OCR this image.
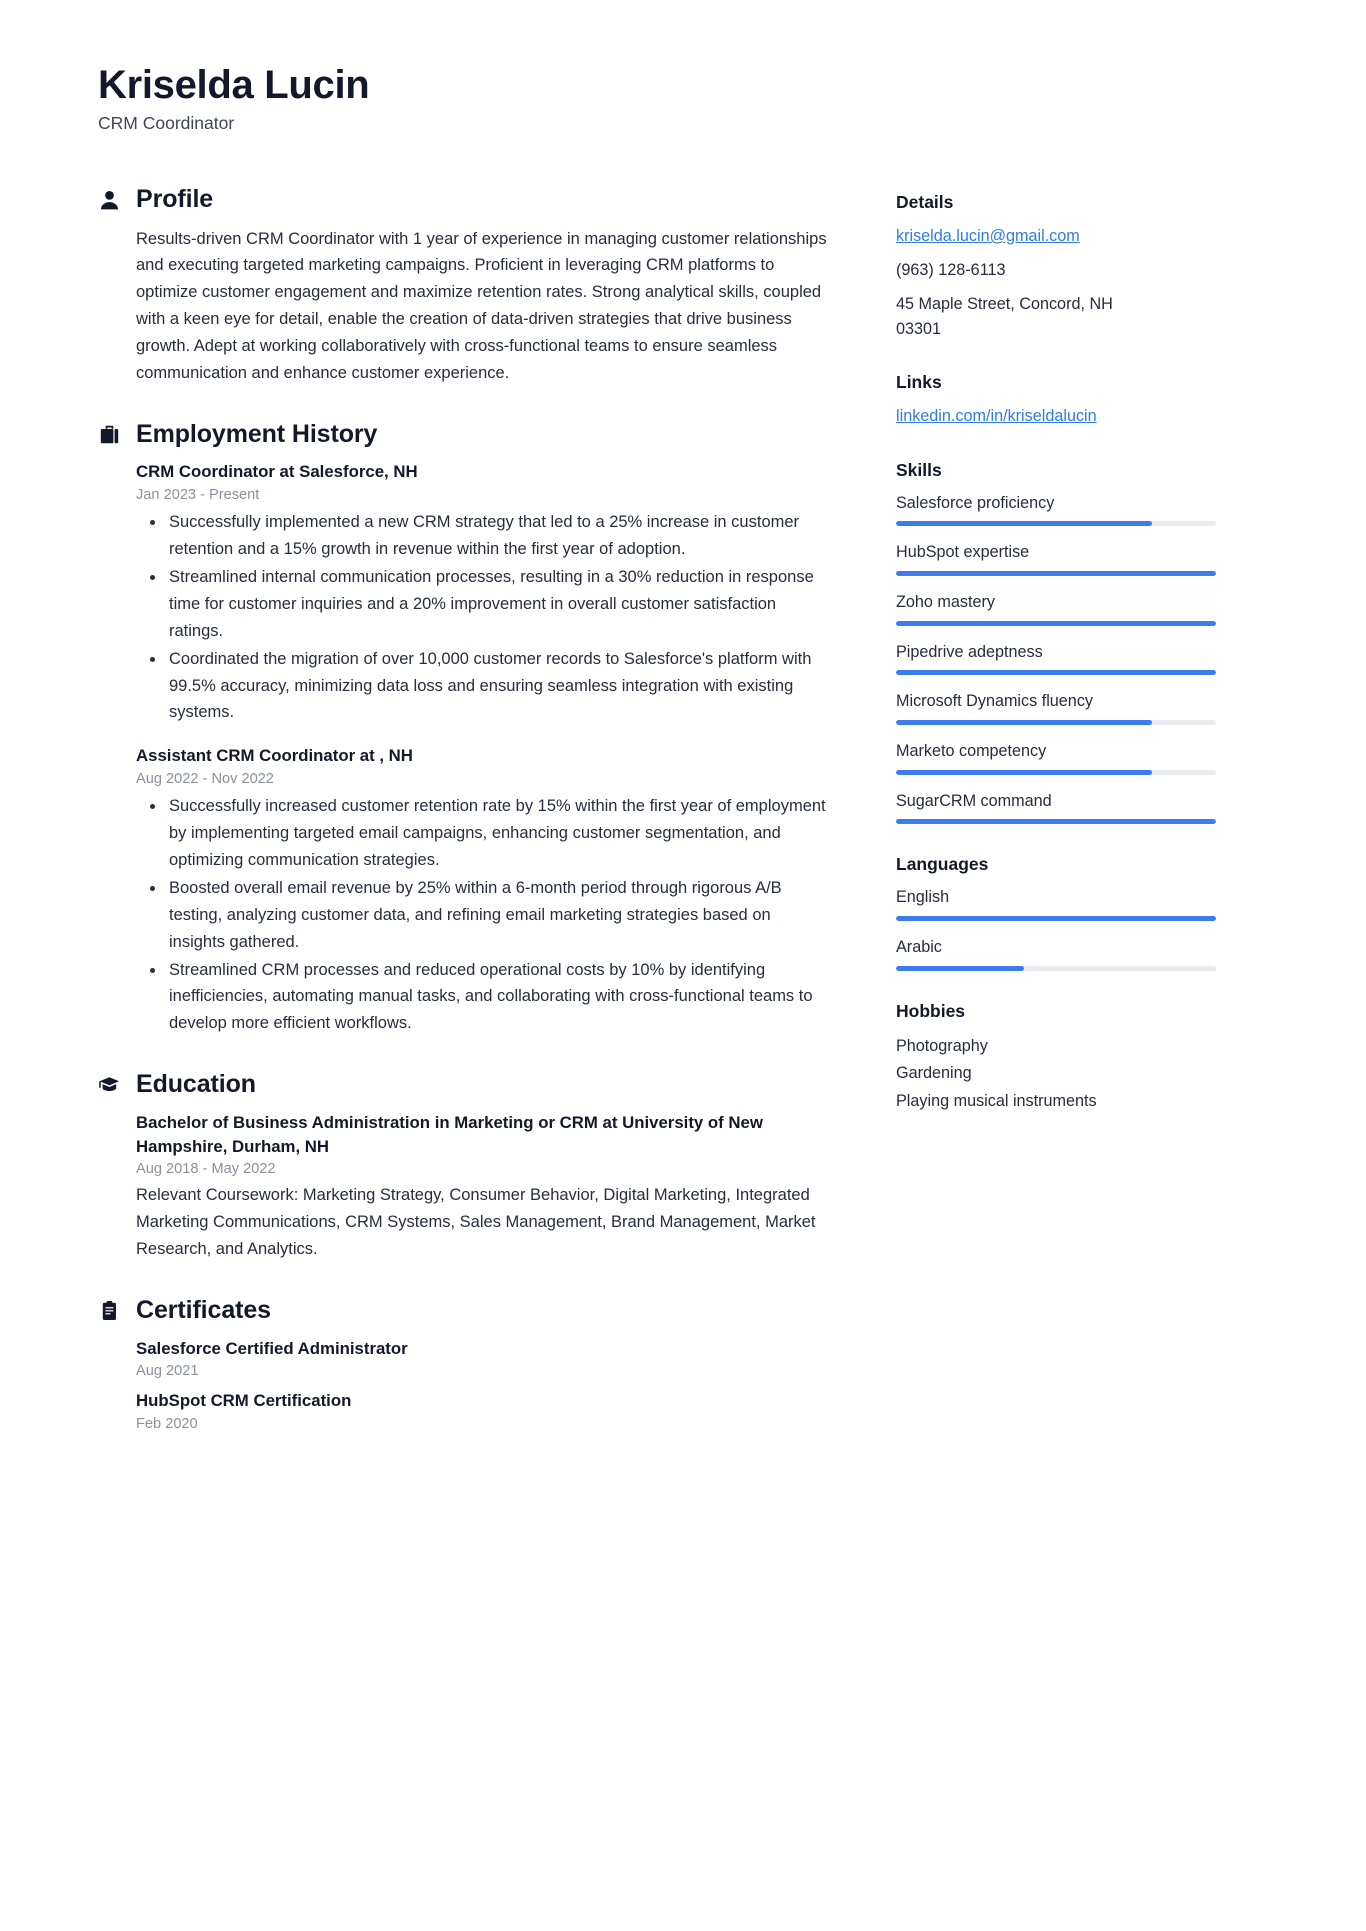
Kriselda Lucin
CRM Coordinator
Profile

Results-driven CRM Coordinator with 1 year of experience in managing customer relationships and executing targeted marketing campaigns. Proficient in leveraging CRM platforms to optimize customer engagement and maximize retention rates. Strong analytical skills, coupled with a keen eye for detail, enable the creation of data-driven strategies that drive business growth. Adept at working collaboratively with cross-functional teams to ensure seamless communication and enhance customer experience.

Employment History
CRM Coordinator at Salesforce, NH
Jan 2023 - Present
Successfully implemented a new CRM strategy that led to a 25% increase in customer retention and a 15% growth in revenue within the first year of adoption.
Streamlined internal communication processes, resulting in a 30% reduction in response time for customer inquiries and a 20% improvement in overall customer satisfaction ratings.
Coordinated the migration of over 10,000 customer records to Salesforce's platform with 99.5% accuracy, minimizing data loss and ensuring seamless integration with existing systems.
Assistant CRM Coordinator at , NH
Aug 2022 - Nov 2022
Successfully increased customer retention rate by 15% within the first year of employment by implementing targeted email campaigns, enhancing customer segmentation, and optimizing communication strategies.
Boosted overall email revenue by 25% within a 6-month period through rigorous A/B testing, analyzing customer data, and refining email marketing strategies based on insights gathered.
Streamlined CRM processes and reduced operational costs by 10% by identifying inefficiencies, automating manual tasks, and collaborating with cross-functional teams to develop more efficient workflows.
Education
Bachelor of Business Administration in Marketing or CRM at University of New Hampshire, Durham, NH
Aug 2018 - May 2022
Relevant Coursework: Marketing Strategy, Consumer Behavior, Digital Marketing, Integrated Marketing Communications, CRM Systems, Sales Management, Brand Management, Market Research, and Analytics.
Certificates
Salesforce Certified Administrator
Aug 2021
HubSpot CRM Certification
Feb 2020
Details
kriselda.lucin@gmail.com
(963) 128-6113
45 Maple Street, Concord, NH
03301
Links
linkedin.com/in/kriseldalucin
Skills
Salesforce proficiency
HubSpot expertise
Zoho mastery
Pipedrive adeptness
Microsoft Dynamics fluency
Marketo competency
SugarCRM command
Languages
English
Arabic
Hobbies
Photography
Gardening
Playing musical instruments
